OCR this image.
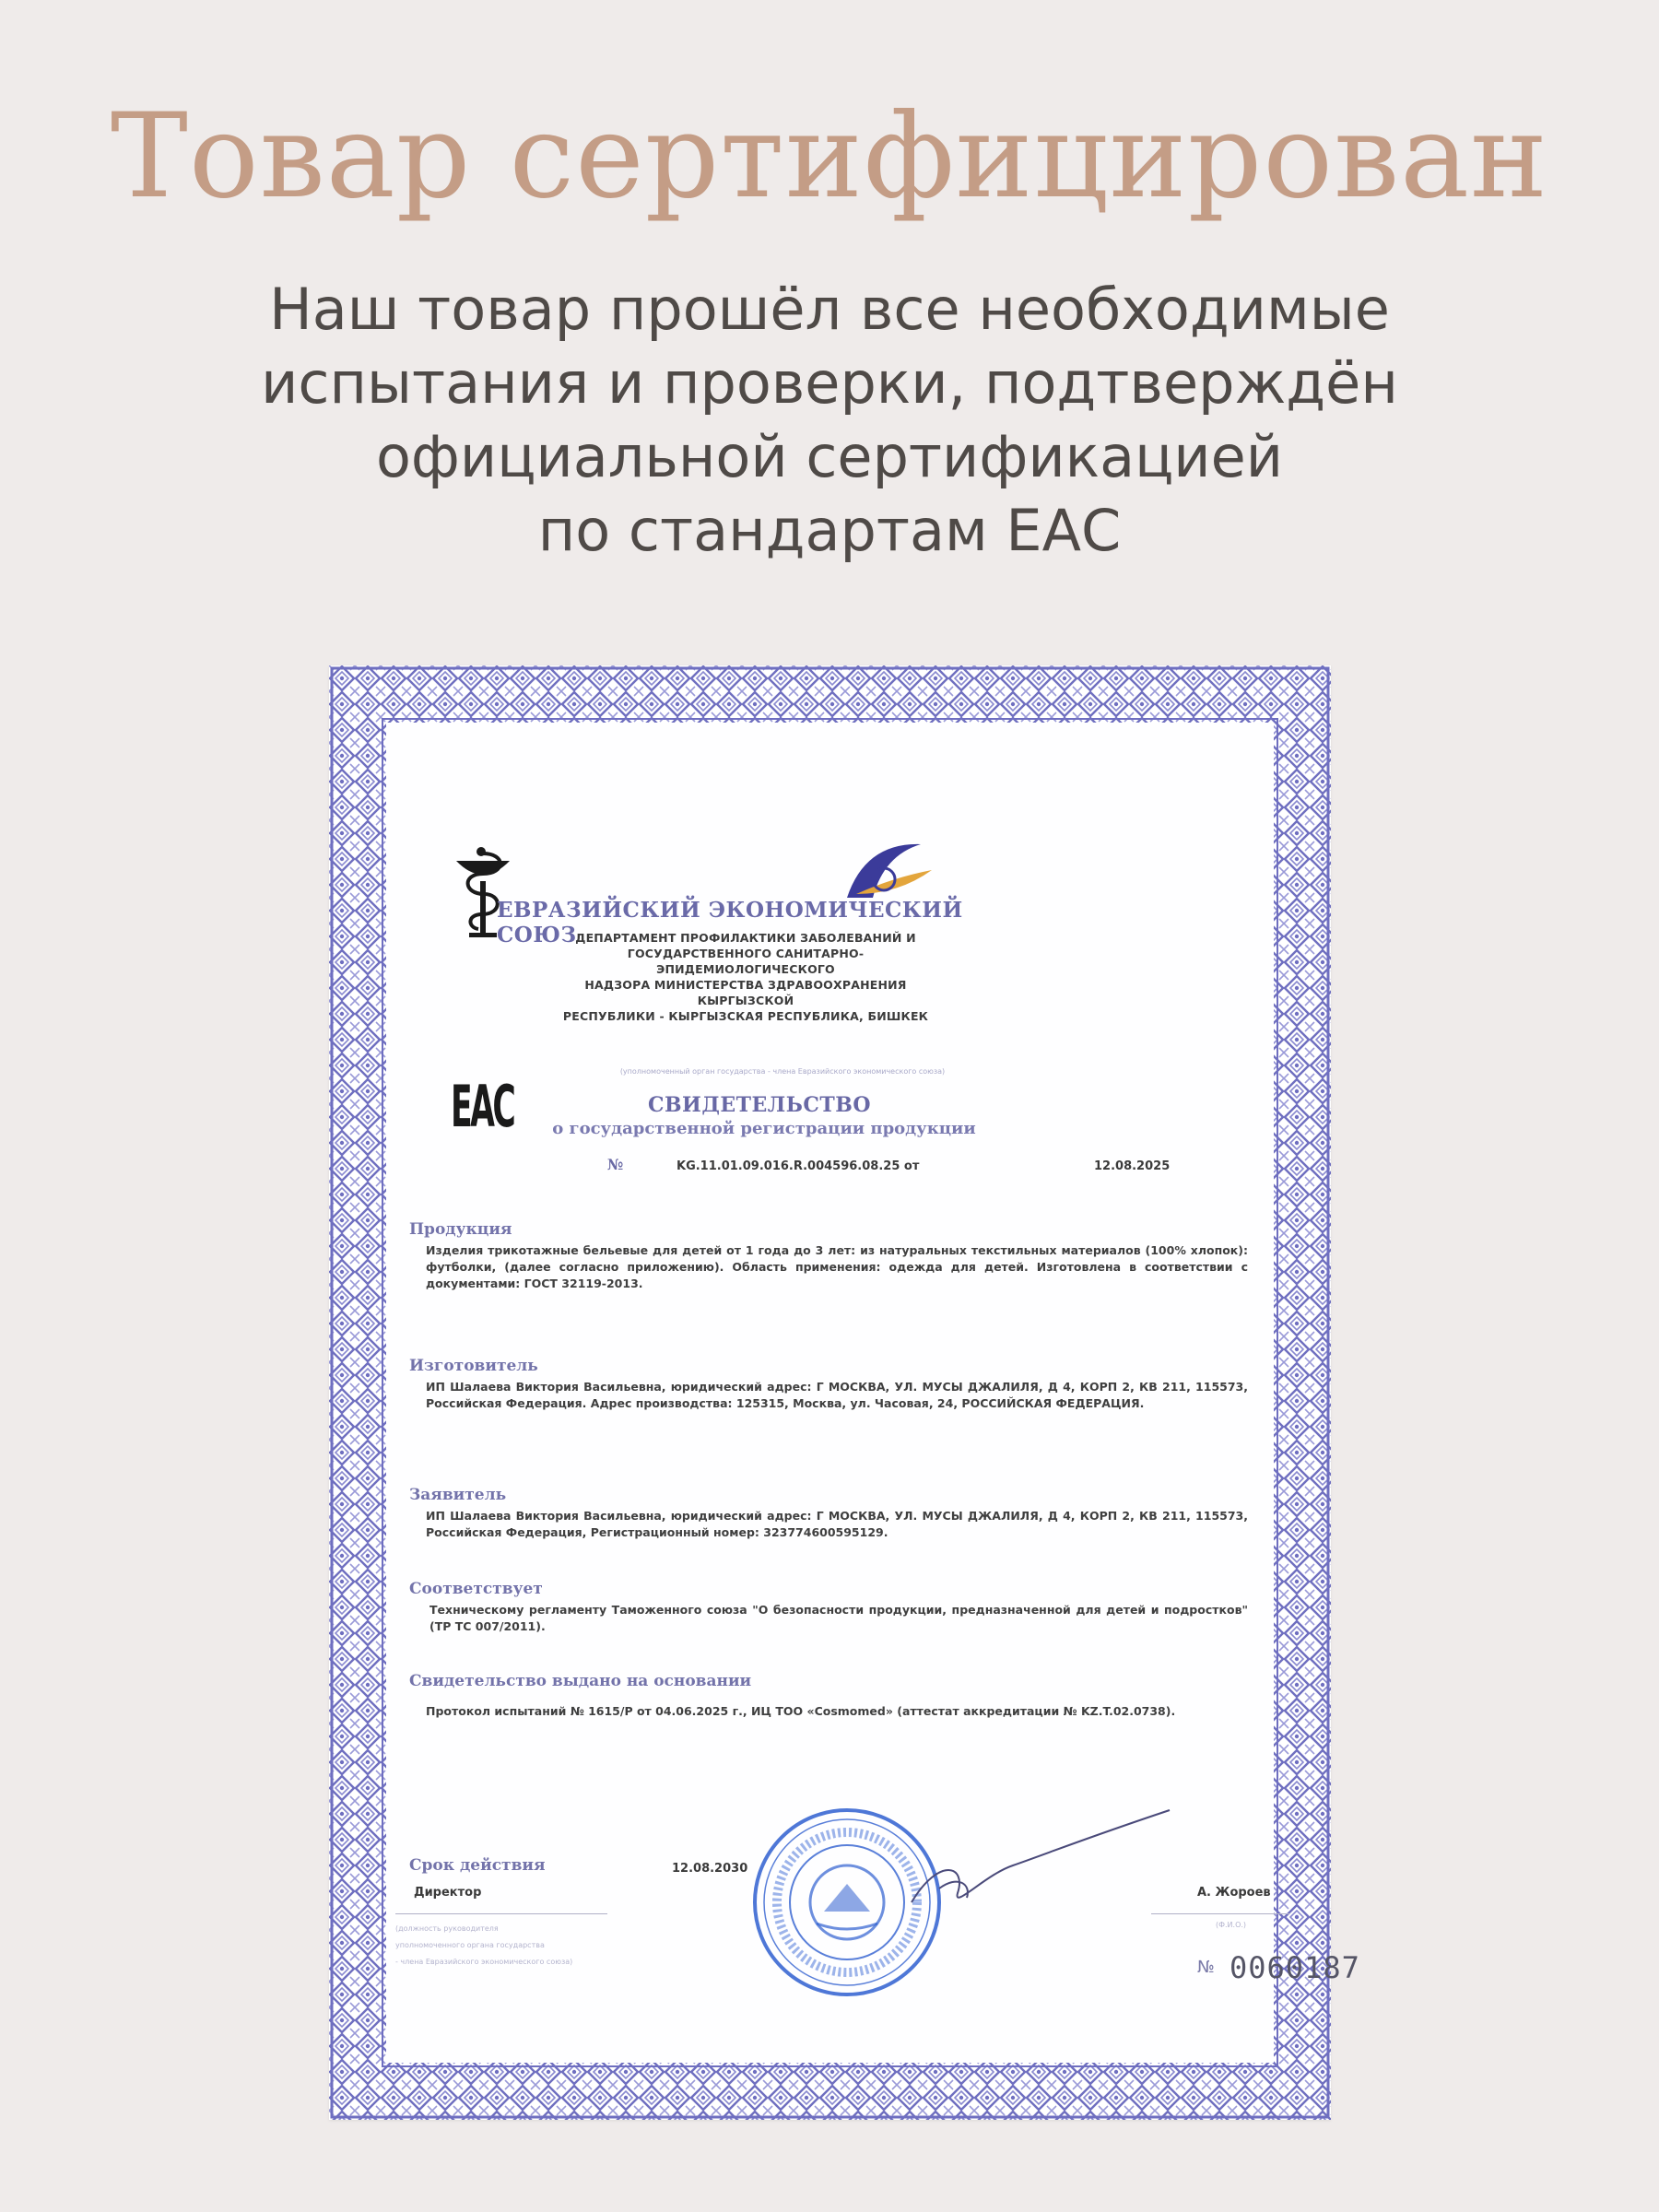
Товар сертифицирован

Наш товар прошёл все необходимые
испытания и проверки, подтверждён
официальной сертификацией
по стандартам ЕАС

EAC

ЕВРАЗИЙСКИЙ ЭКОНОМИЧЕСКИЙ СОЮЗ

ДЕПАРТАМЕНТ ПРОФИЛАКТИКИ ЗАБОЛЕВАНИЙ И
ГОСУДАРСТВЕННОГО САНИТАРНО-ЭПИДЕМИОЛОГИЧЕСКОГО
НАДЗОРА МИНИСТЕРСТВА ЗДРАВООХРАНЕНИЯ КЫРГЫЗСКОЙ
РЕСПУБЛИКИ - КЫРГЫЗСКАЯ РЕСПУБЛИКА, БИШКЕК

(уполномоченный орган государства - члена Евразийского экономического союза)

СВИДЕТЕЛЬСТВО

о государственной регистрации продукции

№	KG.11.01.09.016.R.004596.08.25 от	12.08.2025
Продукция
Изделия трикотажные бельевые для детей от 1 года до 3 лет: из натуральных текстильных материалов (100% хлопок): футболки, (далее согласно приложению). Область применения: одежда для детей. Изготовлена в соответствии с документами: ГОСТ 32119-2013.
Изготовитель
ИП Шалаева Виктория Васильевна, юридический адрес: Г МОСКВА, УЛ. МУСЫ ДЖАЛИЛЯ, Д 4, КОРП 2, КВ 211, 115573, Российская Федерация. Адрес производства: 125315, Москва, ул. Часовая, 24, РОССИЙСКАЯ ФЕДЕРАЦИЯ.
Заявитель
ИП Шалаева Виктория Васильевна, юридический адрес: Г МОСКВА, УЛ. МУСЫ ДЖАЛИЛЯ, Д 4, КОРП 2, КВ 211, 115573, Российская Федерация, Регистрационный номер: 323774600595129.
Соответствует
Техническому регламенту Таможенного союза "О безопасности продукции, предназначенной для детей и подростков" (ТР ТС 007/2011).
Свидетельство выдано на основании
Протокол испытаний № 1615/Р от 04.06.2025 г., ИЦ ТОО «Cosmomed» (аттестат аккредитации № KZ.T.02.0738).
Срок действия	12.08.2030
Директор
(должность руководителя
уполномоченного органа государства
- члена Евразийского экономического союза)
А. Жороев
(Ф.И.О.)
№ 0060187
